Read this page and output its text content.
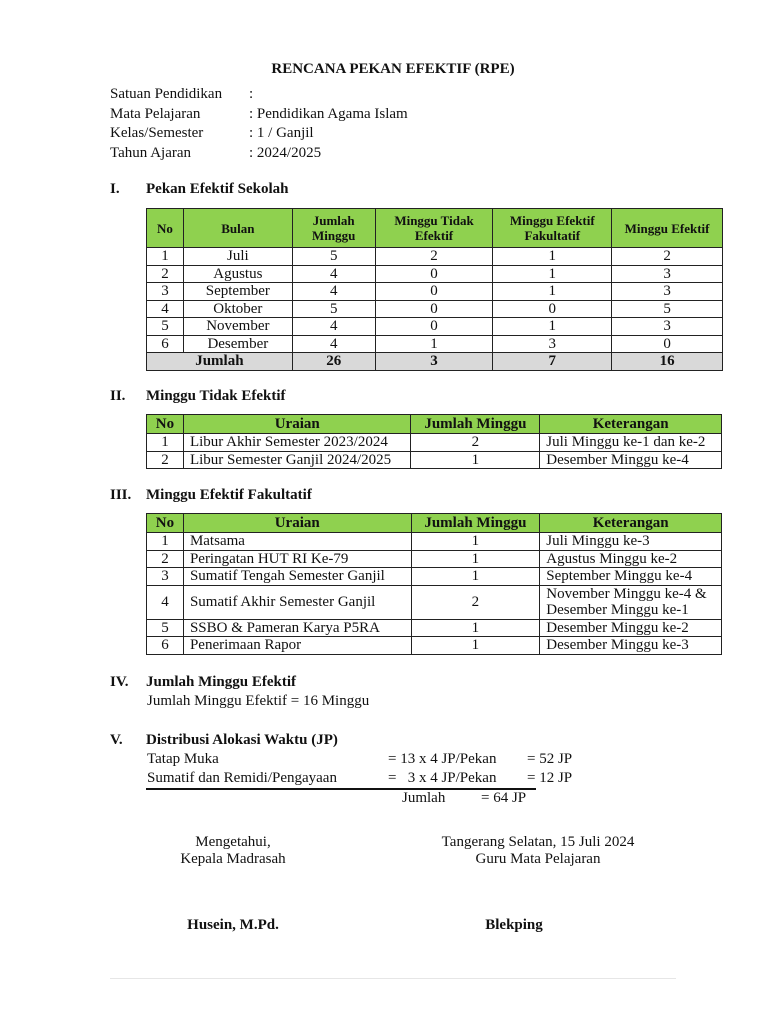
RENCANA PEKAN EFEKTIF (RPE)
Satuan Pendidikan	:
Mata Pelajaran	: Pendidikan Agama Islam
Kelas/Semester	: 1 / Ganjil
Tahun Ajaran	: 2024/2025
I.	Pekan Efektif Sekolah
No	Bulan	Jumlah Minggu	Minggu Tidak Efektif	Minggu Efektif Fakultatif	Minggu Efektif
1	Juli	5	2	1	2
2	Agustus	4	0	1	3
3	September	4	0	1	3
4	Oktober	5	0	0	5
5	November	4	0	1	3
6	Desember	4	1	3	0
Jumlah		26	3	7	16
II.	Minggu Tidak Efektif
No	Uraian	Jumlah Minggu	Keterangan
1	Libur Akhir Semester 2023/2024	2	Juli Minggu ke-1 dan ke-2
2	Libur Semester Ganjil 2024/2025	1	Desember Minggu ke-4
III. Minggu Efektif Fakultatif
No	Uraian	Jumlah Minggu	Keterangan
1	Matsama	1	Juli Minggu ke-3
2	Peringatan HUT RI Ke-79	1	Agustus Minggu ke-2
3	Sumatif Tengah Semester Ganjil	1	September Minggu ke-4
4	Sumatif Akhir Semester Ganjil	2	November Minggu ke-4 &
Desember Minggu ke-1

5	SSBO & Pameran Karya P5RA	1	Desember Minggu ke-2
6	Penerimaan Rapor	1	Desember Minggu ke-3
IV.	Jumlah Minggu Efektif
Jumlah Minggu Efektif = 16 Minggu
V.	Distribusi Alokasi Waktu (JP)
Tatap Muka	= 13 x 4 JP/Pekan = 52 JP
Sumatif dan Remidi/Pengayaan	=   3 x 4 JP/Pekan = 12 JP
Jumlah = 64 JP
Mengetahui,
Kepala Madrasah
Husein, M.Pd.
Tangerang Selatan, 15 Juli 2024
Guru Mata Pelajaran
Blekping
